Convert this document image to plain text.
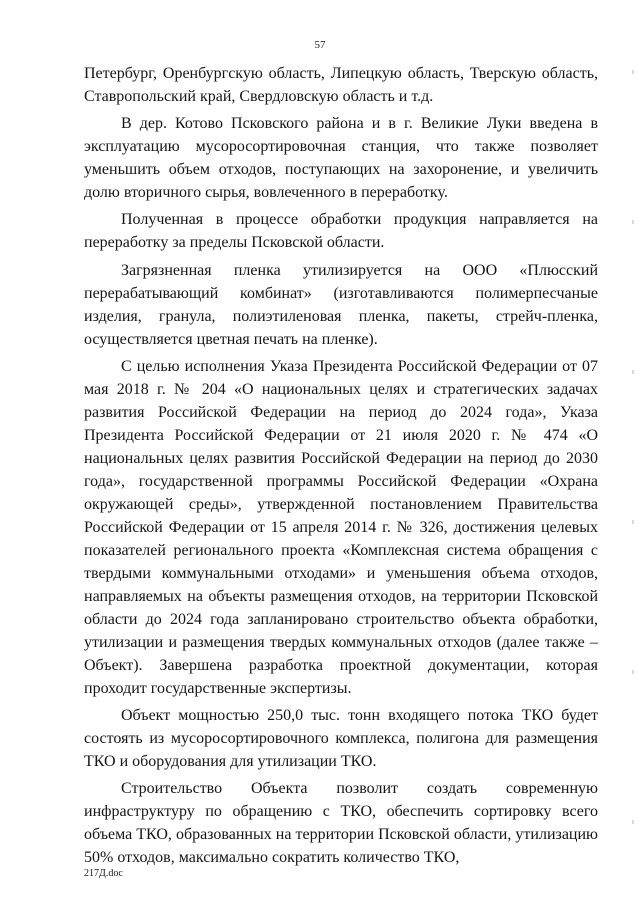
57

Петербург, Оренбургскую область, Липецкую область, Тверскую область, Ставропольский край, Свердловскую область и т.д.

В дер. Котово Псковского района и в г. Великие Луки введена в эксплуатацию мусоросортировочная станция, что также позволяет уменьшить объем отходов, поступающих на захоронение, и увеличить долю вторичного сырья, вовлеченного в переработку.

Полученная в процессе обработки продукция направляется на переработку за пределы Псковской области.

Загрязненная пленка утилизируется на ООО «Плюсский перерабатывающий комбинат» (изготавливаются полимерпесчаные изделия, гранула, полиэтиленовая пленка, пакеты, стрейч-пленка, осуществляется цветная печать на пленке).

С целью исполнения Указа Президента Российской Федерации от 07 мая 2018 г. № 204 «О национальных целях и стратегических задачах развития Российской Федерации на период до 2024 года», Указа Президента Российской Федерации от 21 июля 2020 г. № 474 «О национальных целях развития Российской Федерации на период до 2030 года», государственной программы Российской Федерации «Охрана окружающей среды», утвержденной постановлением Правительства Российской Федерации от 15 апреля 2014 г. № 326, достижения целевых показателей регионального проекта «Комплексная система обращения с твердыми коммунальными отходами» и уменьшения объема отходов, направляемых на объекты размещения отходов, на территории Псковской области до 2024 года запланировано строительство объекта обработки, утилизации и размещения твердых коммунальных отходов (далее также – Объект). Завершена разработка проектной документации, которая проходит государственные экспертизы.

Объект мощностью 250,0 тыс. тонн входящего потока ТКО будет состоять из мусоросортировочного комплекса, полигона для размещения ТКО и оборудования для утилизации ТКО.

Строительство Объекта позволит создать современную инфраструктуру по обращению с ТКО, обеспечить сортировку всего объема ТКО, образованных на территории Псковской области, утилизацию 50% отходов, максимально сократить количество ТКО,

217Д.doc
